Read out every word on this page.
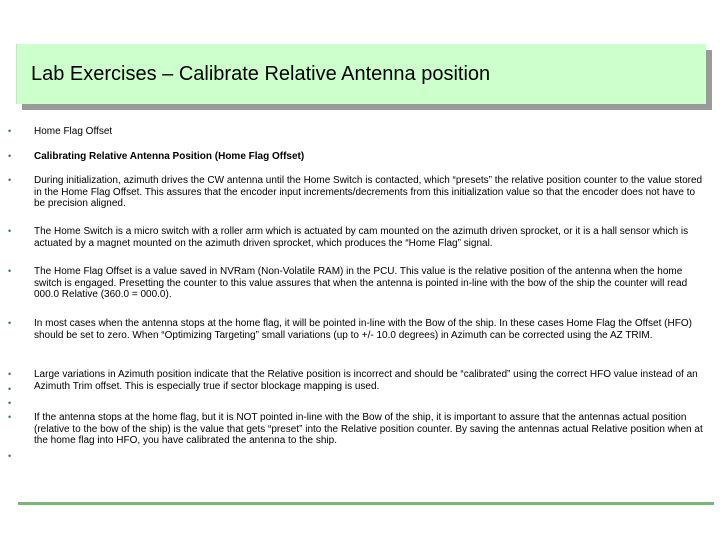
Lab Exercises – Calibrate Relative Antenna position
•
•
•
•
•
•
•
•
•
•
•
Home Flag Offset
Calibrating Relative Antenna Position (Home Flag Offset)
During initialization, azimuth drives the CW antenna until the Home Switch is contacted, which “presets” the relative position counter to the value stored in the Home Flag Offset. This assures that the encoder input increments/decrements from this initialization value so that the encoder does not have to be precision aligned.
The Home Switch is a micro switch with a roller arm which is actuated by cam mounted on the azimuth driven sprocket, or it is a hall sensor which is actuated by a magnet mounted on the azimuth driven sprocket, which produces the “Home Flag” signal.
The Home Flag Offset is a value saved in NVRam (Non-Volatile RAM) in the PCU. This value is the relative position of the antenna when the home switch is engaged. Presetting the counter to this value assures that when the antenna is pointed in-line with the bow of the ship the counter will read 000.0 Relative (360.0 = 000.0).
In most cases when the antenna stops at the home flag, it will be pointed in-line with the Bow of the ship. In these cases Home Flag the Offset (HFO) should be set to zero. When “Optimizing Targeting” small variations (up to +/- 10.0 degrees) in Azimuth can be corrected using the AZ TRIM.
Large variations in Azimuth position indicate that the Relative position is incorrect and should be “calibrated” using the correct HFO value instead of an Azimuth Trim offset. This is especially true if sector blockage mapping is used.
If the antenna stops at the home flag, but it is NOT pointed in-line with the Bow of the ship, it is important to assure that the antennas actual position (relative to the bow of the ship) is the value that gets “preset” into the Relative position counter. By saving the antennas actual Relative position when at the home flag into HFO, you have calibrated the antenna to the ship.
